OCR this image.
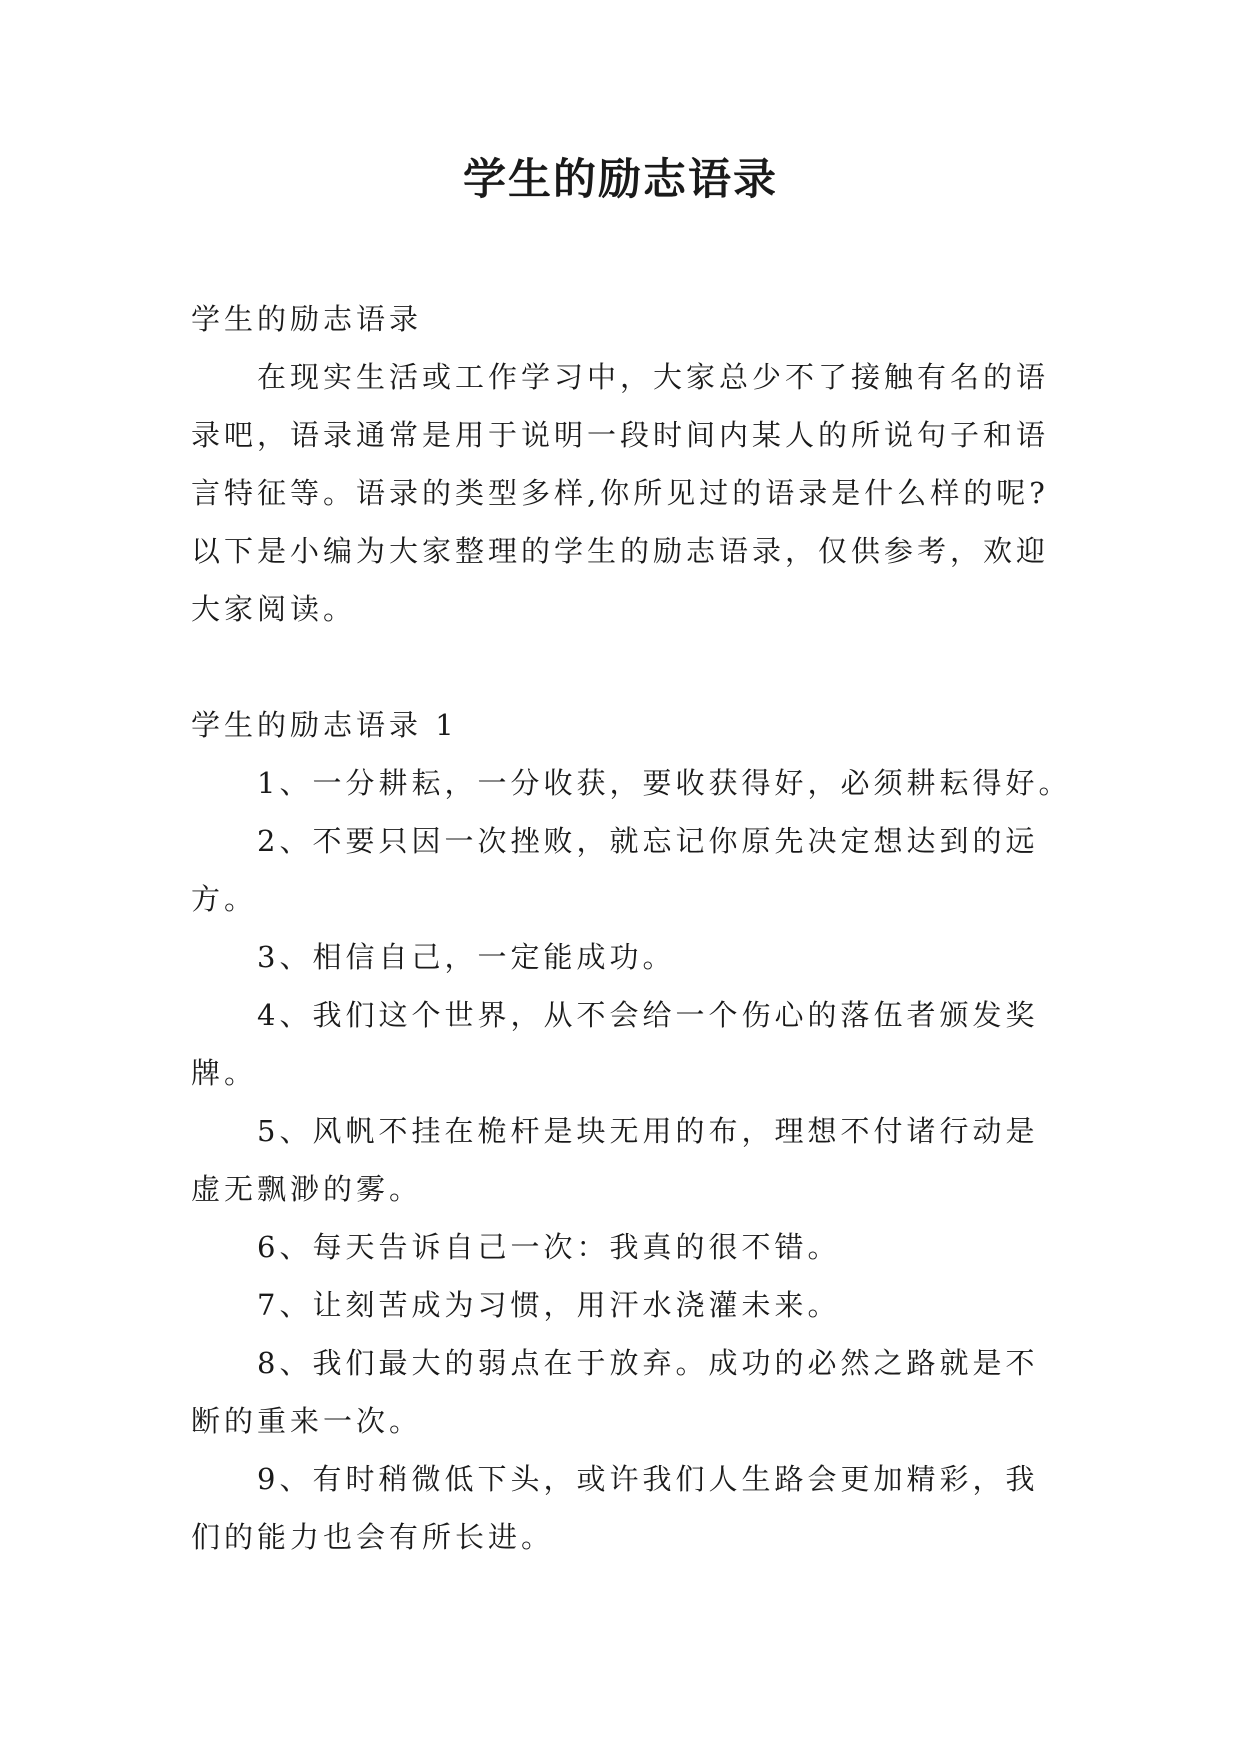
学生的励志语录

学生的励志语录

在现实生活或工作学习中，大家总少不了接触有名的语

录吧，语录通常是用于说明一段时间内某人的所说句子和语

言特征等。语录的类型多样,你所见过的语录是什么样的呢?

以下是小编为大家整理的学生的励志语录，仅供参考，欢迎

大家阅读。

学生的励志语录 1

1、一分耕耘，一分收获，要收获得好，必须耕耘得好。

2、不要只因一次挫败，就忘记你原先决定想达到的远

方。

3、相信自己，一定能成功。

4、我们这个世界，从不会给一个伤心的落伍者颁发奖

牌。

5、风帆不挂在桅杆是块无用的布，理想不付诸行动是

虚无飘渺的雾。

6、每天告诉自己一次：我真的很不错。

7、让刻苦成为习惯，用汗水浇灌未来。

8、我们最大的弱点在于放弃。成功的必然之路就是不

断的重来一次。

9、有时稍微低下头，或许我们人生路会更加精彩，我

们的能力也会有所长进。
